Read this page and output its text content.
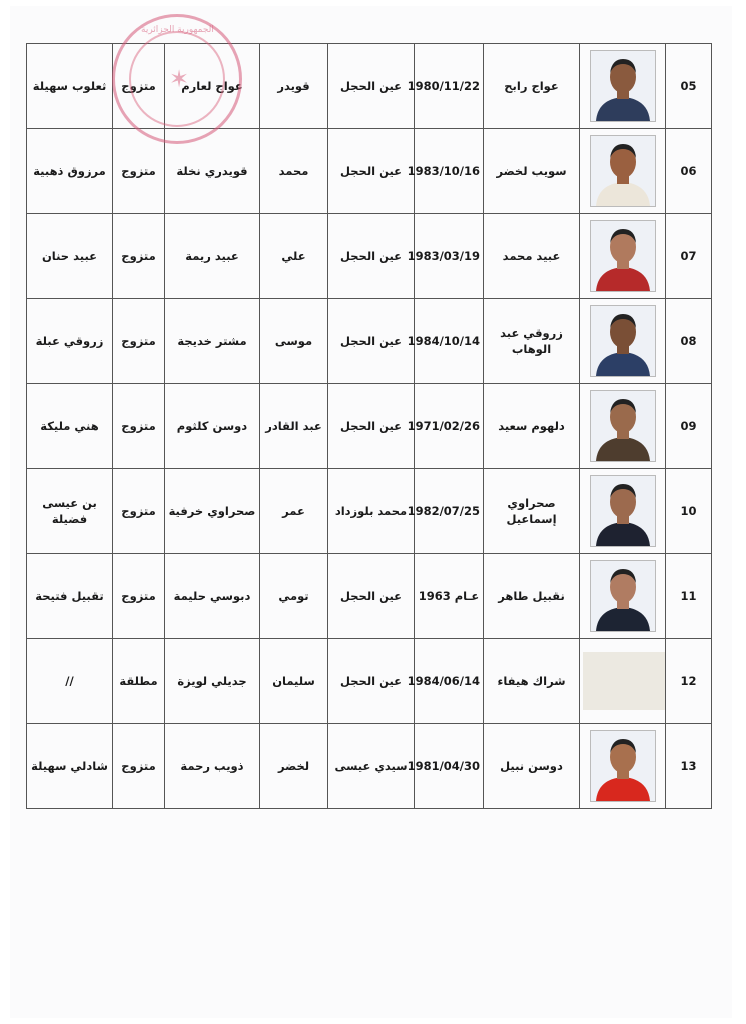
الجمهورية الجزائرية
✶
ثعلوب سهيلة	متزوج	عواج لعارم	قويدر	عين الحجل	1980/11/22	عواج رابح		05
مرزوق ذهبية	متزوج	قويدري نخلة	محمد	عين الحجل	1983/10/16	سويب لخضر		06
عبيد حنان	متزوج	عبيد ريمة	علي	عين الحجل	1983/03/19	عبيد محمد		07
زروقي عبلة	متزوج	مشتر خديجة	موسى	عين الحجل	1984/10/14	زروقي عبد الوهاب		08
هني مليكة	متزوج	دوسن كلثوم	عبد القادر	عين الحجل	1971/02/26	دلهوم سعيد		09
بن عيسى فضيلة	متزوج	صحراوي خرفية	عمر	محمد بلوزداد	1982/07/25	صحراوي إسماعيل		10
تقبيل فتيحة	متزوج	دبوسي حليمة	تومي	عين الحجل	عـام 1963	نقبيل طاهر		11
//	مطلقة	جديلي لويزة	سليمان	عين الحجل	1984/06/14	شراك هيفاء		12
شادلي سهيلة	متزوج	ذويب رحمة	لخضر	سيدي عيسى	1981/04/30	دوسن نبيل		13
